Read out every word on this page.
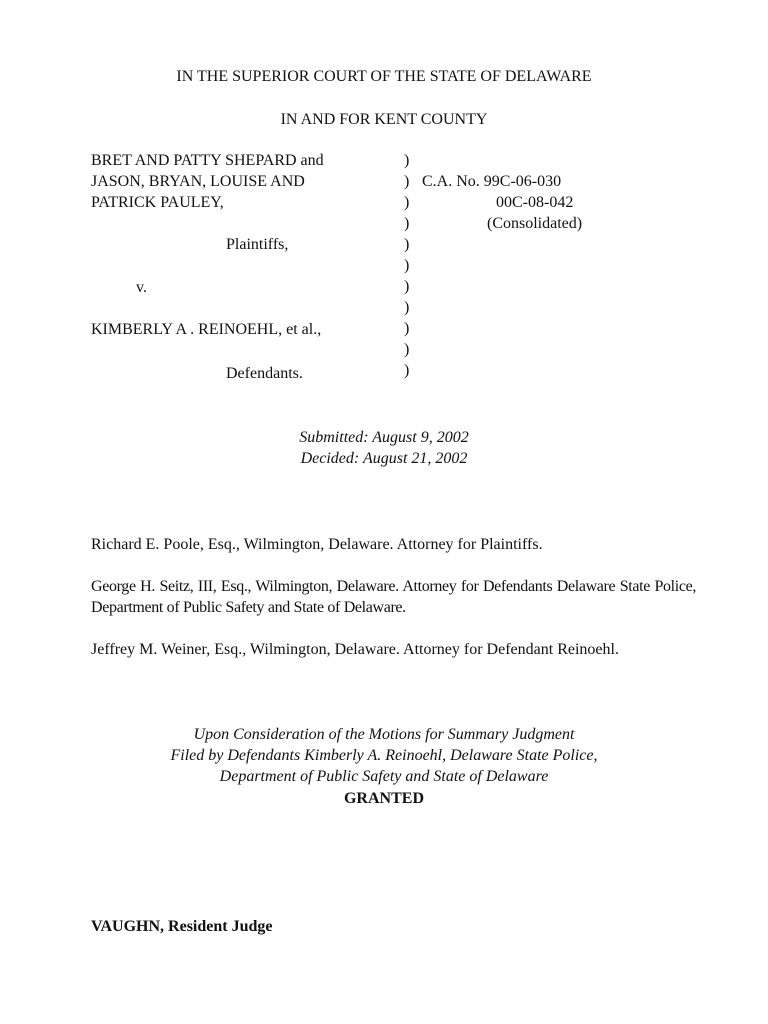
IN THE SUPERIOR COURT OF THE STATE OF DELAWARE
IN AND FOR KENT COUNTY
BRET AND PATTY SHEPARD and
JASON, BRYAN, LOUISE AND
PATRICK PAULEY,
Plaintiffs,
v.
KIMBERLY A . REINOEHL, et al.,
Defendants.
)
)
)
)
)
)
)
)
)
)
)
C.A. No. 99C-06-030
00C-08-042
(Consolidated)
Submitted: August 9, 2002
Decided: August 21, 2002
Richard E. Poole, Esq., Wilmington, Delaware. Attorney for Plaintiffs.
George H. Seitz, III, Esq., Wilmington, Delaware. Attorney for Defendants Delaware State Police, Department of Public Safety and State of Delaware.
Jeffrey M. Weiner, Esq., Wilmington, Delaware. Attorney for Defendant Reinoehl.
Upon Consideration of the Motions for Summary Judgment
Filed by Defendants Kimberly A. Reinoehl, Delaware State Police,
Department of Public Safety and State of Delaware
GRANTED
VAUGHN, Resident Judge
